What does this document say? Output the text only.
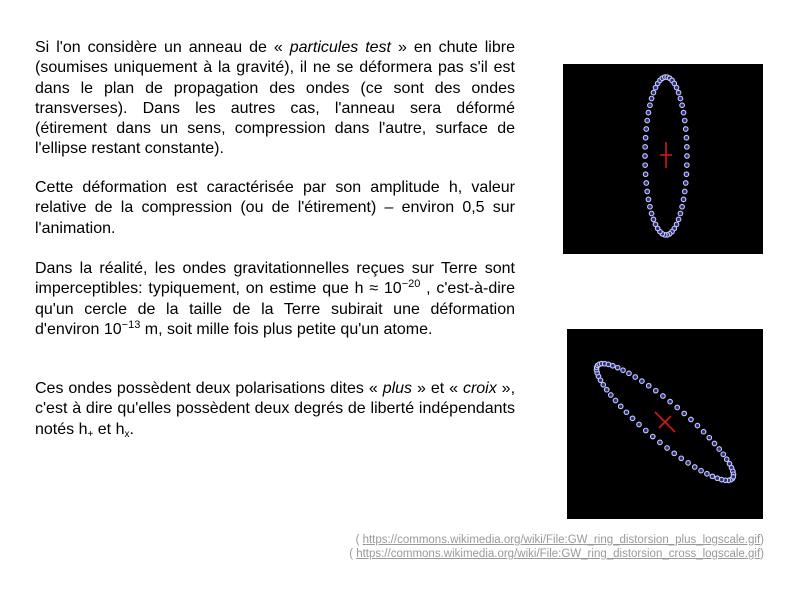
Si l'on considère un anneau de « particules test » en chute libre (soumises uniquement à la gravité), il ne se déformera pas s'il est dans le plan de propagation des ondes (ce sont des ondes transverses). Dans les autres cas, l'anneau sera déformé (étirement dans un sens, compression dans l'autre, surface de l'ellipse restant constante).

Cette déformation est caractérisée par son amplitude h, valeur relative de la compression (ou de l'étirement) – environ 0,5 sur l'animation.

Dans la réalité, les ondes gravitationnelles reçues sur Terre sont imperceptibles: typiquement, on estime que $h \approx 10^{-20}$ , c'est-à-dire qu'un cercle de la taille de la Terre subirait une déformation d'environ $10^{-13}$ m, soit mille fois plus petite qu'un atome.

Ces ondes possèdent deux polarisations dites « plus » et « croix », c'est à dire qu'elles possèdent deux degrés de liberté indépendants notés $h_+$ et $h_x$.

( https://commons.wikimedia.org/wiki/File:GW_ring_distorsion_plus_logscale.gif)
( https://commons.wikimedia.org/wiki/File:GW_ring_distorsion_cross_logscale.gif)
